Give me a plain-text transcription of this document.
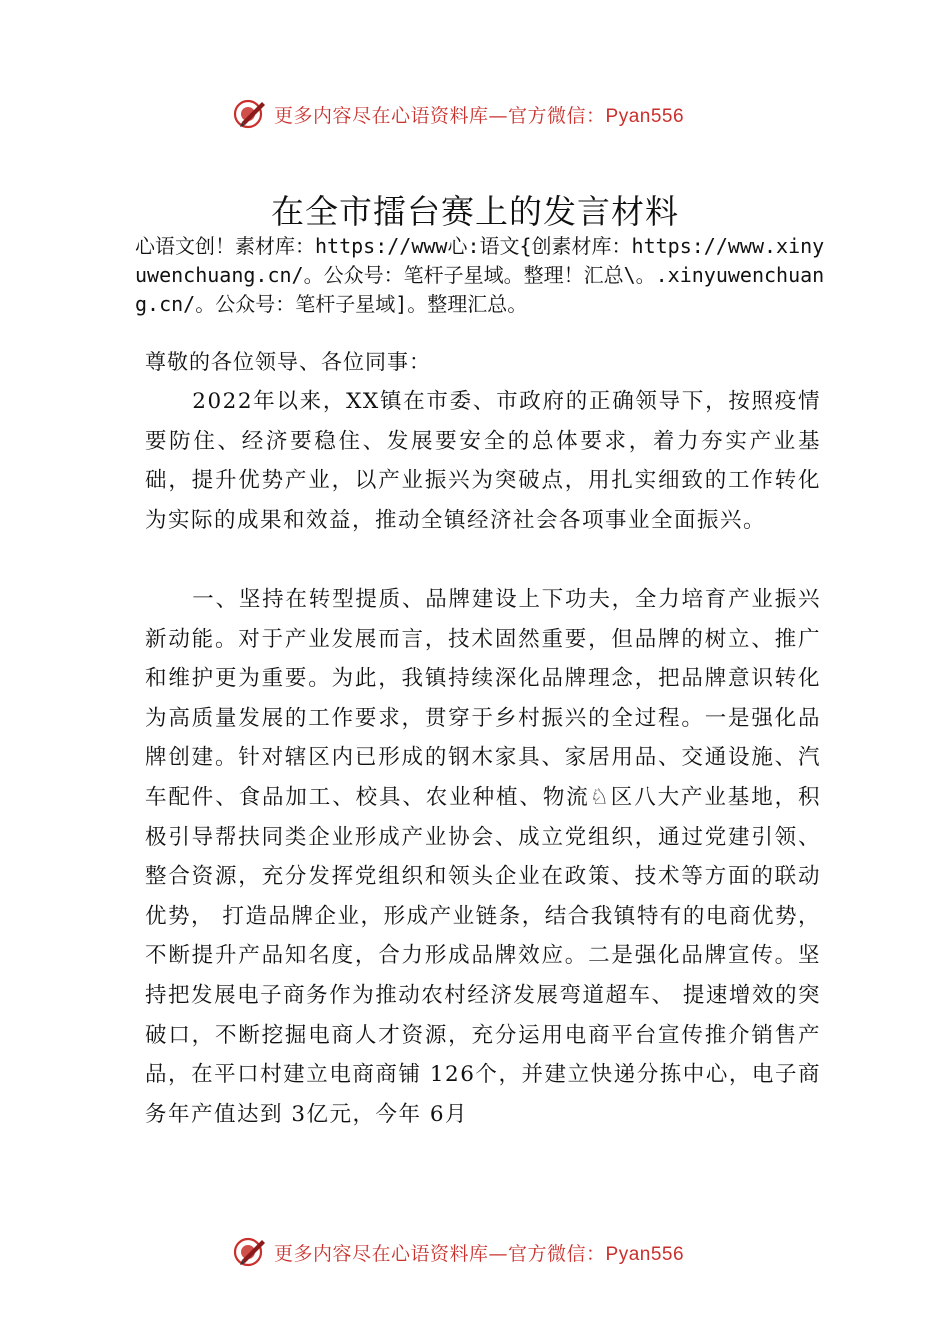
更多内容尽在心语资料库—官方微信：Pyan556
在全市擂台赛上的发言材料
心语文创！素材库：https://www心:语文{创素材库：https://www.xinyuwenchuang.cn/。公众号：笔杆子星域。整理！汇总\。.xinyuwenchuang.cn/。公众号：笔杆子星域]。整理汇总。
尊敬的各位领导、各位同事：

2022年以来，XX镇在市委、市政府的正确领导下，按照疫情要防住、经济要稳住、发展要安全的总体要求，着力夯实产业基础，提升优势产业，以产业振兴为突破点，用扎实细致的工作转化为实际的成果和效益，推动全镇经济社会各项事业全面振兴。

一、坚持在转型提质、品牌建设上下功夫，全力培育产业振兴新动能。对于产业发展而言，技术固然重要，但品牌的树立、推广和维护更为重要。为此，我镇持续深化品牌理念，把品牌意识转化为高质量发展的工作要求，贯穿于乡村振兴的全过程。一是强化品牌创建。针对辖区内已形成的钢木家具、家居用品、交通设施、汽车配件、食品加工、校具、农业种植、物流♘区八大产业基地，积极引导帮扶同类企业形成产业协会、成立党组织，通过党建引领、整合资源，充分发挥党组织和领头企业在政策、技术等方面的联动优势， 打造品牌企业，形成产业链条，结合我镇特有的电商优势， 不断提升产品知名度，合力形成品牌效应。二是强化品牌宣传。坚持把发展电子商务作为推动农村经济发展弯道超车、 提速增效的突破口，不断挖掘电商人才资源，充分运用电商平台宣传推介销售产品，在平口村建立电商商铺 126个，并建立快递分拣中心，电子商务年产值达到 3亿元，今年 6月

更多内容尽在心语资料库—官方微信：Pyan556
